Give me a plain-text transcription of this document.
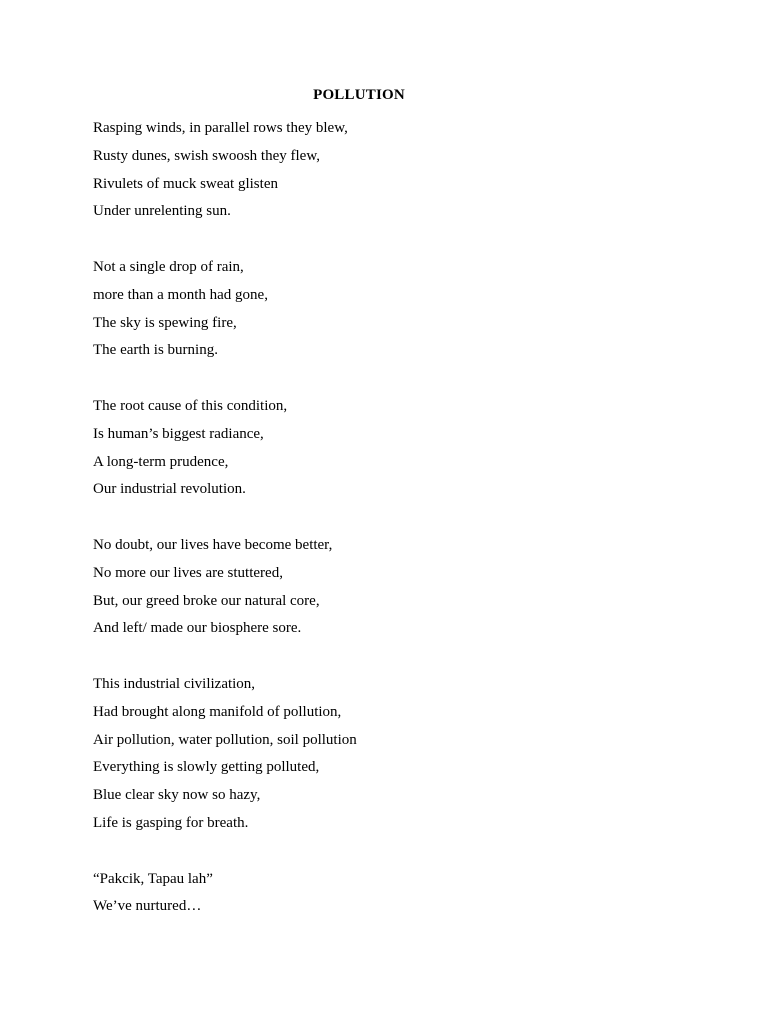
POLLUTION
Rasping winds, in parallel rows they blew,
Rusty dunes, swish swoosh they flew,
Rivulets of muck sweat glisten
Under unrelenting sun.
Not a single drop of rain,
more than a month had gone,
The sky is spewing fire,
The earth is burning.
The root cause of this condition,
Is human’s biggest radiance,
A long-term prudence,
Our industrial revolution.
No doubt, our lives have become better,
No more our lives are stuttered,
But, our greed broke our natural core,
And left/ made our biosphere sore.
This industrial civilization,
Had brought along manifold of pollution,
Air pollution, water pollution, soil pollution
Everything is slowly getting polluted,
Blue clear sky now so hazy,
Life is gasping for breath.
“Pakcik, Tapau lah”
We’ve nurtured…
